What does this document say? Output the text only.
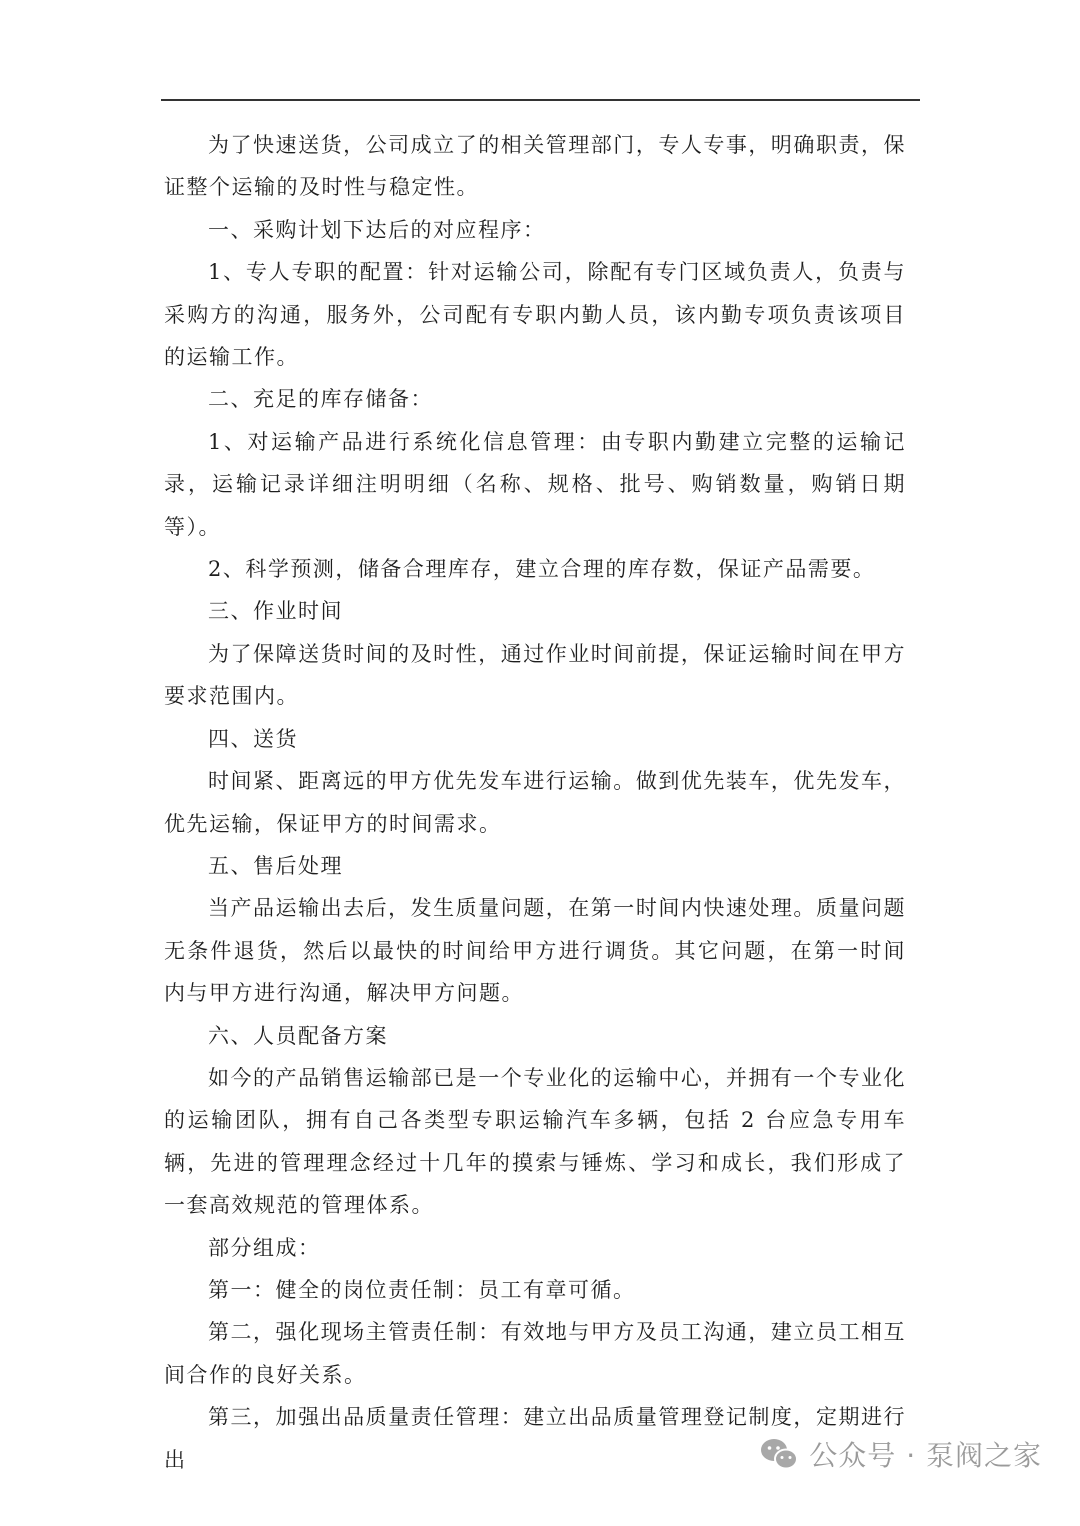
为了快速送货，公司成立了的相关管理部门，专人专事，明确职责，保证整个运输的及时性与稳定性。

一、采购计划下达后的对应程序：

1、专人专职的配置：针对运输公司，除配有专门区域负责人，负责与采购方的沟通，服务外，公司配有专职内勤人员，该内勤专项负责该项目的运输工作。

二、充足的库存储备：

1、对运输产品进行系统化信息管理：由专职内勤建立完整的运输记录，运输记录详细注明明细（名称、规格、批号、购销数量，购销日期等）。

2、科学预测，储备合理库存，建立合理的库存数，保证产品需要。

三、作业时间

为了保障送货时间的及时性，通过作业时间前提，保证运输时间在甲方要求范围内。

四、送货

时间紧、距离远的甲方优先发车进行运输。做到优先装车，优先发车，优先运输，保证甲方的时间需求。

五、售后处理

当产品运输出去后，发生质量问题，在第一时间内快速处理。质量问题无条件退货，然后以最快的时间给甲方进行调货。其它问题，在第一时间内与甲方进行沟通，解决甲方问题。

六、人员配备方案

如今的产品销售运输部已是一个专业化的运输中心，并拥有一个专业化的运输团队，拥有自己各类型专职运输汽车多辆，包括 2 台应急专用车辆，先进的管理理念经过十几年的摸索与锤炼、学习和成长，我们形成了一套高效规范的管理体系。

部分组成：

第一：健全的岗位责任制：员工有章可循。

第二，强化现场主管责任制：有效地与甲方及员工沟通，建立员工相互间合作的良好关系。

第三，加强出品质量责任管理：建立出品质量管理登记制度，定期进行出	公众号 · 泵阀之家
